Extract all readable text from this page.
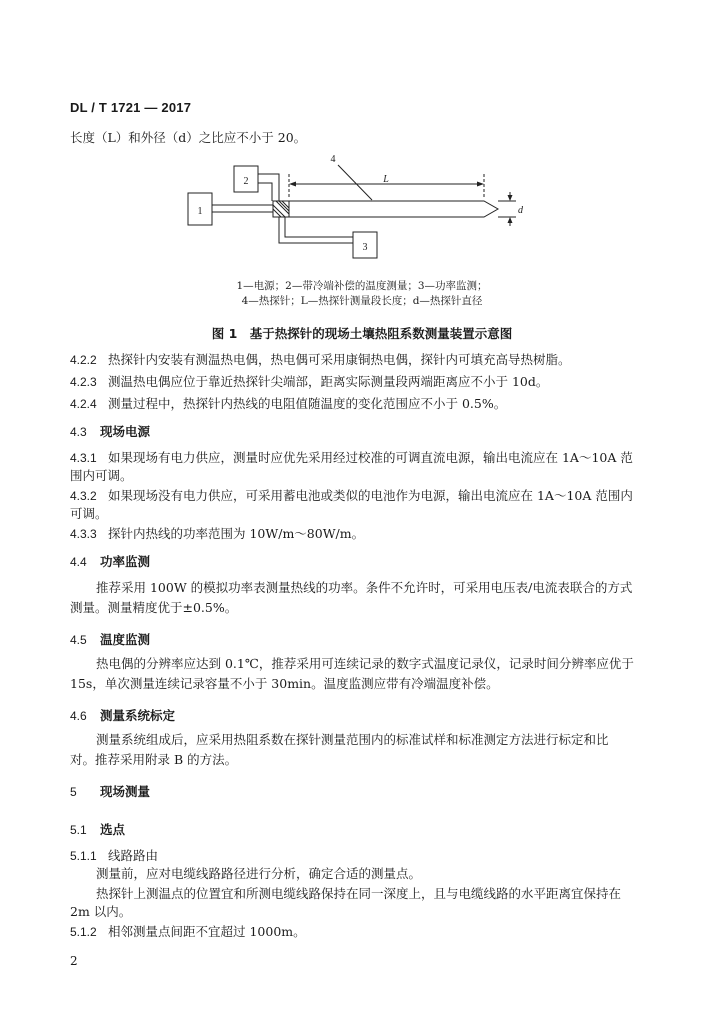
DL / T 1721 — 2017
长度（L）和外径（d）之比应不小于 20。
1
2
3
4
L
d
1—电源；2—带冷端补偿的温度测量；3—功率监测；
4—热探针；L—热探针测量段长度；d—热探针直径
图 1　基于热探针的现场土壤热阻系数测量装置示意图
4.2.2 热探针内安装有测温热电偶，热电偶可采用康铜热电偶，探针内可填充高导热树脂。
4.2.3 测温热电偶应位于靠近热探针尖端部，距离实际测量段两端距离应不小于 10d。
4.2.4 测量过程中，热探针内热线的电阻值随温度的变化范围应不小于 0.5%。
4.3 现场电源
4.3.1 如果现场有电力供应，测量时应优先采用经过校准的可调直流电源，输出电流应在 1A～10A 范
围内可调。
4.3.2 如果现场没有电力供应，可采用蓄电池或类似的电池作为电源，输出电流应在 1A～10A 范围内
可调。
4.3.3 探针内热线的功率范围为 10W/m～80W/m。
4.4 功率监测
推荐采用 100W 的模拟功率表测量热线的功率。条件不允许时，可采用电压表/电流表联合的方式
测量。测量精度优于±0.5%。
4.5 温度监测
热电偶的分辨率应达到 0.1℃，推荐采用可连续记录的数字式温度记录仪，记录时间分辨率应优于
15s，单次测量连续记录容量不小于 30min。温度监测应带有冷端温度补偿。
4.6 测量系统标定
测量系统组成后，应采用热阻系数在探针测量范围内的标准试样和标准测定方法进行标定和比
对。推荐采用附录 B 的方法。
5 现场测量
5.1 选点
5.1.1 线路路由
测量前，应对电缆线路路径进行分析，确定合适的测量点。
热探针上测温点的位置宜和所测电缆线路保持在同一深度上，且与电缆线路的水平距离宜保持在
2m 以内。
5.1.2 相邻测量点间距不宜超过 1000m。
2
